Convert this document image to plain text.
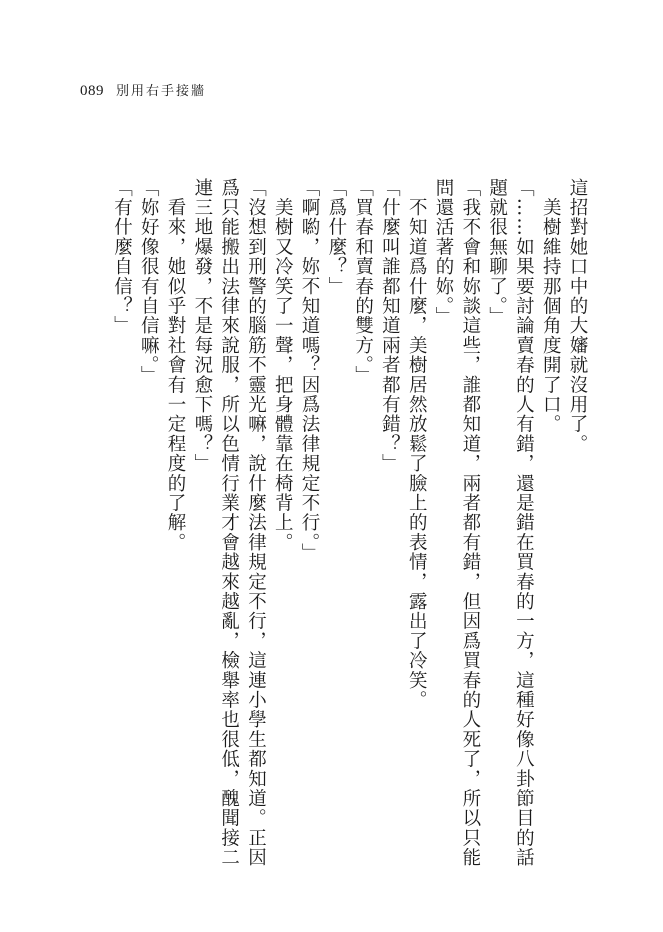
089 別用右手接牆

這招對她口中的大嬸就沒用了。

　美樹維持那個角度開了口。

「……如果要討論賣春的人有錯，還是錯在買春的一方，這種好像八卦節目的話題就很無聊了。」

「我不會和妳談這些，誰都知道，兩者都有錯，但因爲買春的人死了，所以只能問還活著的妳。」

　不知道爲什麼，美樹居然放鬆了臉上的表情，露出了冷笑。

「什麼叫誰都知道兩者都有錯？」

「買春和賣春的雙方。」

「爲什麼？」

「啊喲，妳不知道嗎？因爲法律規定不行。」

　美樹又冷笑了一聲，把身體靠在椅背上。

「沒想到刑警的腦筋不靈光嘛，說什麼法律規定不行，這連小學生都知道。正因爲只能搬出法律來說服，所以色情行業才會越來越亂，檢舉率也很低，醜聞接二連三地爆發，不是每況愈下嗎？」

　看來，她似乎對社會有一定程度的了解。

「妳好像很有自信嘛。」

「有什麼自信？」
